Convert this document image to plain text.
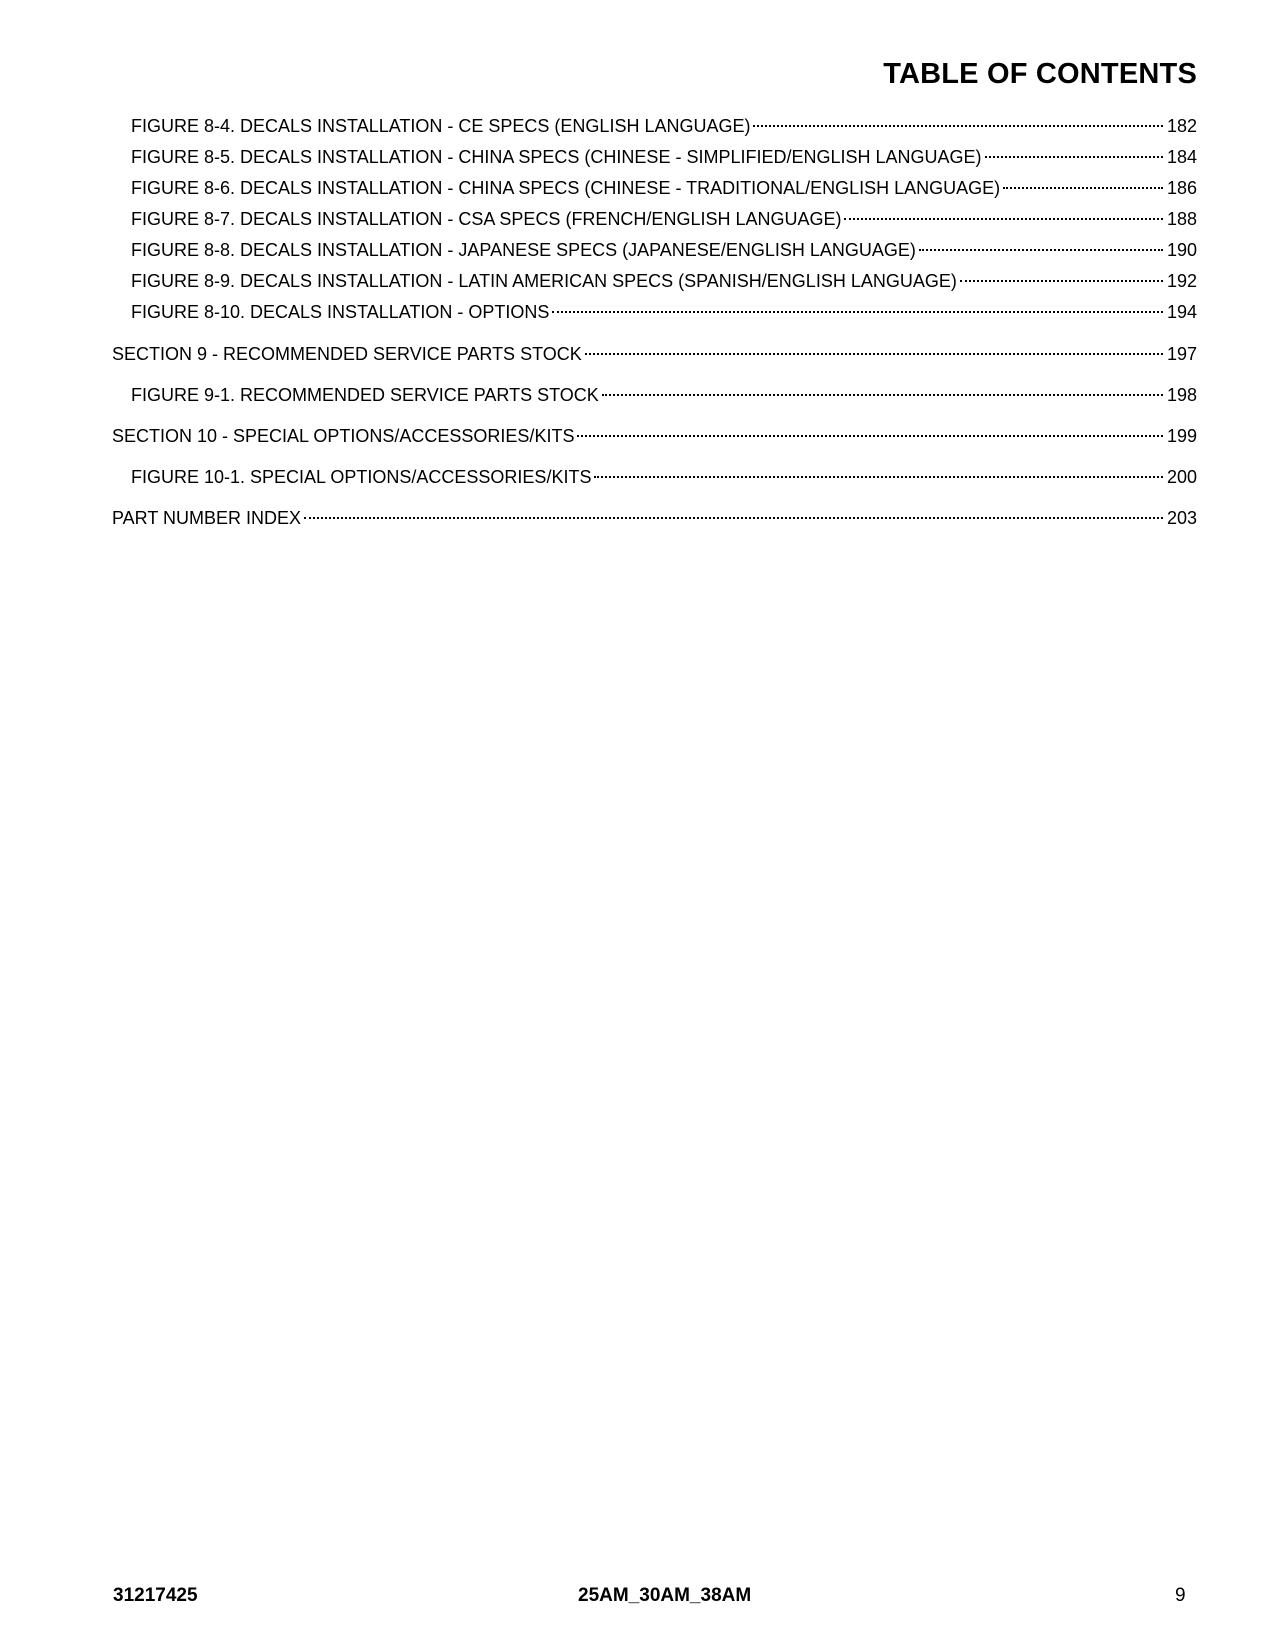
TABLE OF CONTENTS
FIGURE 8-4. DECALS INSTALLATION - CE SPECS (ENGLISH LANGUAGE)	182
FIGURE 8-5. DECALS INSTALLATION - CHINA SPECS (CHINESE - SIMPLIFIED/ENGLISH LANGUAGE)	184
FIGURE 8-6. DECALS INSTALLATION - CHINA SPECS (CHINESE - TRADITIONAL/ENGLISH LANGUAGE)	186
FIGURE 8-7. DECALS INSTALLATION - CSA SPECS (FRENCH/ENGLISH LANGUAGE)	188
FIGURE 8-8. DECALS INSTALLATION - JAPANESE SPECS (JAPANESE/ENGLISH LANGUAGE)	190
FIGURE 8-9. DECALS INSTALLATION - LATIN AMERICAN SPECS (SPANISH/ENGLISH LANGUAGE)	192
FIGURE 8-10. DECALS INSTALLATION - OPTIONS	194
SECTION 9 - RECOMMENDED SERVICE PARTS STOCK	197
FIGURE 9-1. RECOMMENDED SERVICE PARTS STOCK	198
SECTION 10 - SPECIAL OPTIONS/ACCESSORIES/KITS	199
FIGURE 10-1. SPECIAL OPTIONS/ACCESSORIES/KITS	200
PART NUMBER INDEX	203
31217425	25AM_30AM_38AM	9
